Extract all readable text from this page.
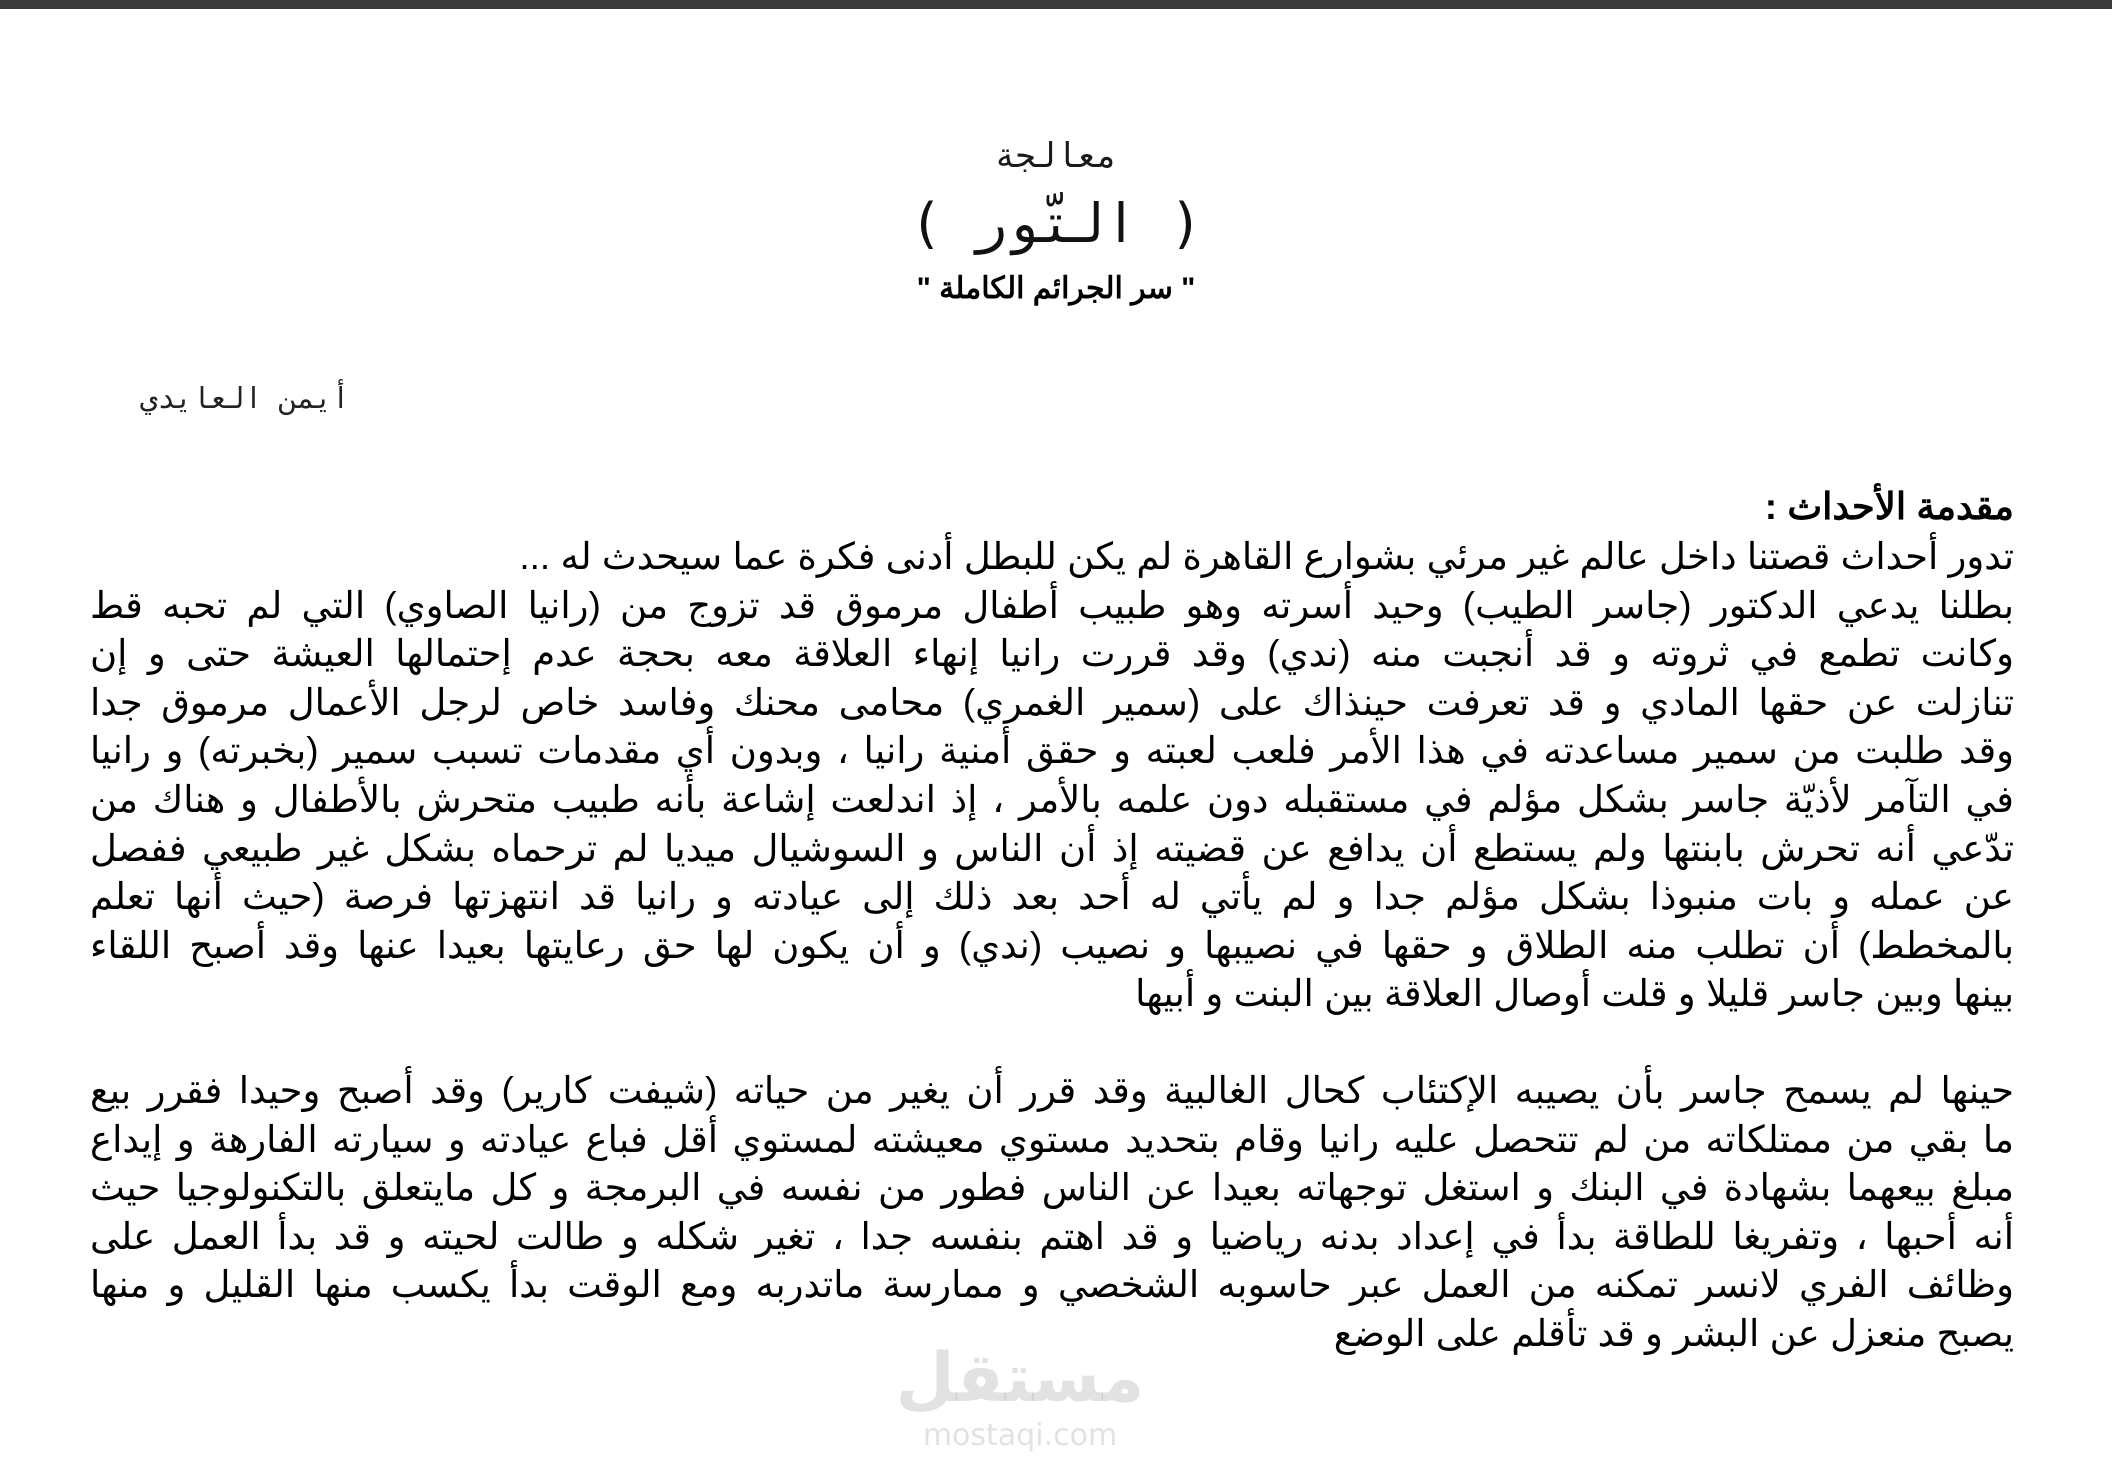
معالجة
( التّور )
" سر الجرائم الكاملة "
أيمن العايدي
مقدمة الأحداث :
تدور أحداث قصتنا داخل عالم غير مرئي بشوارع القاهرة لم يكن للبطل أدنى فكرة عما سيحدث له ...
بطلنا يدعي الدكتور (جاسر الطيب) وحيد أسرته وهو طبيب أطفال مرموق قد تزوج من (رانيا الصاوي) التي لم تحبه قط
وكانت تطمع في ثروته و قد أنجبت منه (ندي) وقد قررت رانيا إنهاء العلاقة معه بحجة عدم إحتمالها العيشة حتى و إن
تنازلت عن حقها المادي و قد تعرفت حينذاك على (سمير الغمري) محامى محنك وفاسد خاص لرجل الأعمال مرموق جدا
وقد طلبت من سمير مساعدته في هذا الأمر فلعب لعبته و حقق أمنية رانيا ، وبدون أي مقدمات تسبب سمير (بخبرته) و رانيا
في التآمر لأذيّة جاسر بشكل مؤلم في مستقبله دون علمه بالأمر ، إذ اندلعت إشاعة بأنه طبيب متحرش بالأطفال و هناك من
تدّعي أنه تحرش بابنتها ولم يستطع أن يدافع عن قضيته إذ أن الناس و السوشيال ميديا لم ترحماه بشكل غير طبيعي ففصل
عن عمله و بات منبوذا بشكل مؤلم جدا و لم يأتي له أحد بعد ذلك إلى عيادته و رانيا قد انتهزتها فرصة (حيث أنها تعلم
بالمخطط) أن تطلب منه الطلاق و حقها في نصيبها و نصيب (ندي) و أن يكون لها حق رعايتها بعيدا عنها وقد أصبح اللقاء
بينها وبين جاسر قليلا و قلت أوصال العلاقة بين البنت و أبيها
حينها لم يسمح جاسر بأن يصيبه الإكتئاب كحال الغالبية وقد قرر أن يغير من حياته (شيفت كارير) وقد أصبح وحيدا فقرر بيع
ما بقي من ممتلكاته من لم تتحصل عليه رانيا وقام بتحديد مستوي معيشته لمستوي أقل فباع عيادته و سيارته الفارهة و إيداع
مبلغ بيعهما بشهادة في البنك و استغل توجهاته بعيدا عن الناس فطور من نفسه في البرمجة و كل مايتعلق بالتكنولوجيا حيث
أنه أحبها ، وتفريغا للطاقة بدأ في إعداد بدنه رياضيا و قد اهتم بنفسه جدا ، تغير شكله و طالت لحيته و قد بدأ العمل على
وظائف الفري لانسر تمكنه من العمل عبر حاسوبه الشخصي و ممارسة ماتدربه ومع الوقت بدأ يكسب منها القليل و منها
يصبح منعزل عن البشر و قد تأقلم على الوضع
مستقل
mostaqi.com
